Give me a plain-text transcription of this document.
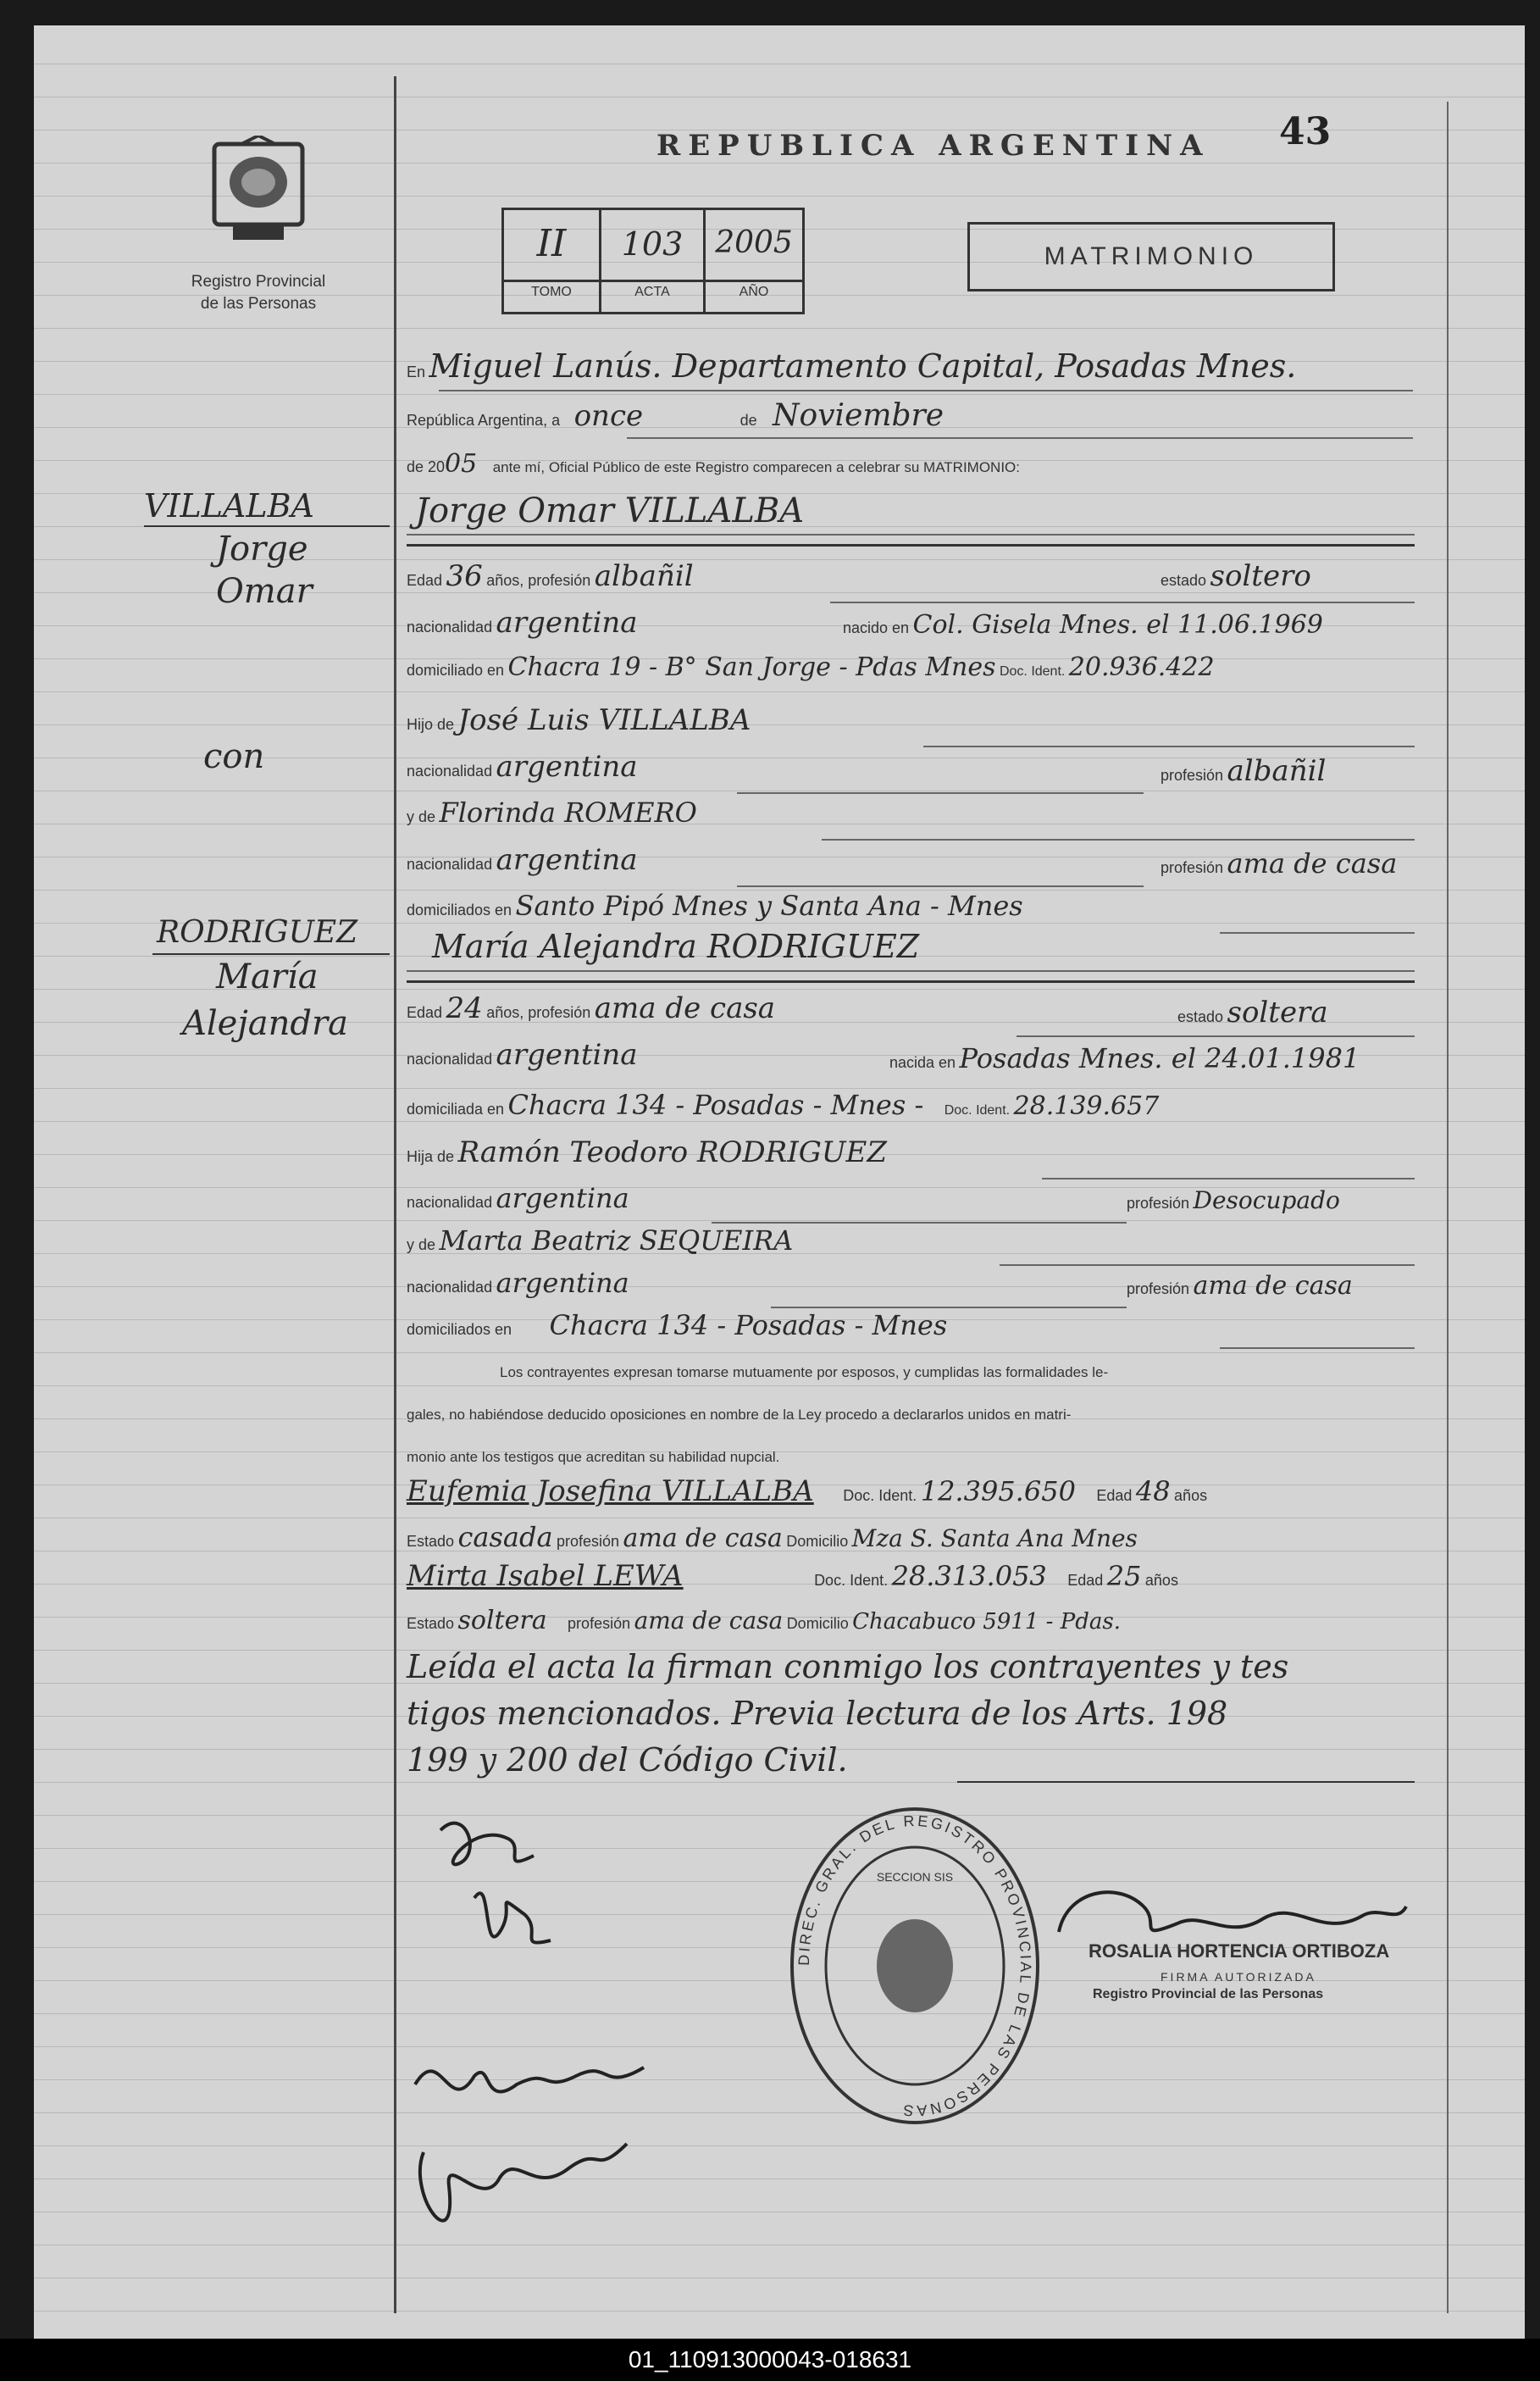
Registro Provincial
de las Personas
REPUBLICA ARGENTINA 43
II	103	2005
TOMO	ACTA	AÑO
MATRIMONIO
VILLALBA
Jorge
Omar
con
RODRIGUEZ
María
Alejandra
En Miguel Lanús. Departamento Capital, Posadas Mnes.
República Argentina, a once	de Noviembre
de 2005 ante mí, Oficial Público de este Registro comparecen a celebrar su MATRIMONIO:
Jorge Omar VILLALBA
Edad 36 años, profesión albañil	estado soltero
nacionalidad argentina	nacido en Col. Gisela Mnes. el 11.06.1969
domiciliado en Chacra 19 - B° San Jorge - Pdas Mnes Doc. Ident. 20.936.422
Hijo de José Luis VILLALBA
nacionalidad argentina	profesión albañil
y de Florinda ROMERO
nacionalidad argentina	profesión ama de casa
domiciliados en Santo Pipó Mnes y Santa Ana - Mnes
María Alejandra RODRIGUEZ
Edad 24 años, profesión ama de casa	estado soltera
nacionalidad argentina	nacida en Posadas Mnes. el 24.01.1981
domiciliada en Chacra 134 - Posadas - Mnes - Doc. Ident. 28.139.657
Hija de Ramón Teodoro RODRIGUEZ
nacionalidad argentina	profesión Desocupado
y de Marta Beatriz SEQUEIRA
nacionalidad argentina	profesión ama de casa
domiciliados en Chacra 134 - Posadas - Mnes
Los contrayentes expresan tomarse mutuamente por esposos, y cumplidas las formalidades le-
gales, no habiéndose deducido oposiciones en nombre de la Ley procedo a declararlos unidos en matri-
monio ante los testigos que acreditan su habilidad nupcial.
Eufemia Josefina VILLALBA Doc. Ident. 12.395.650 Edad 48 años
Estado casada profesión ama de casa Domicilio Mza S. Santa Ana Mnes
Mirta Isabel LEWA	Doc. Ident. 28.313.053 Edad 25 años
Estado soltera profesión ama de casa Domicilio Chacabuco 5911 - Pdas.
Leída el acta la firman conmigo los contrayentes y tes
tigos mencionados. Previa lectura de los Arts. 198
199 y 200 del Código Civil.
DIREC. GRAL. DEL REGISTRO PROVINCIAL DE LAS PERSONAS
SECCION SIS
ROSALIA HORTENCIA ORTIBOZA
FIRMA AUTORIZADA
Registro Provincial de las Personas
01_110913000043-018631
